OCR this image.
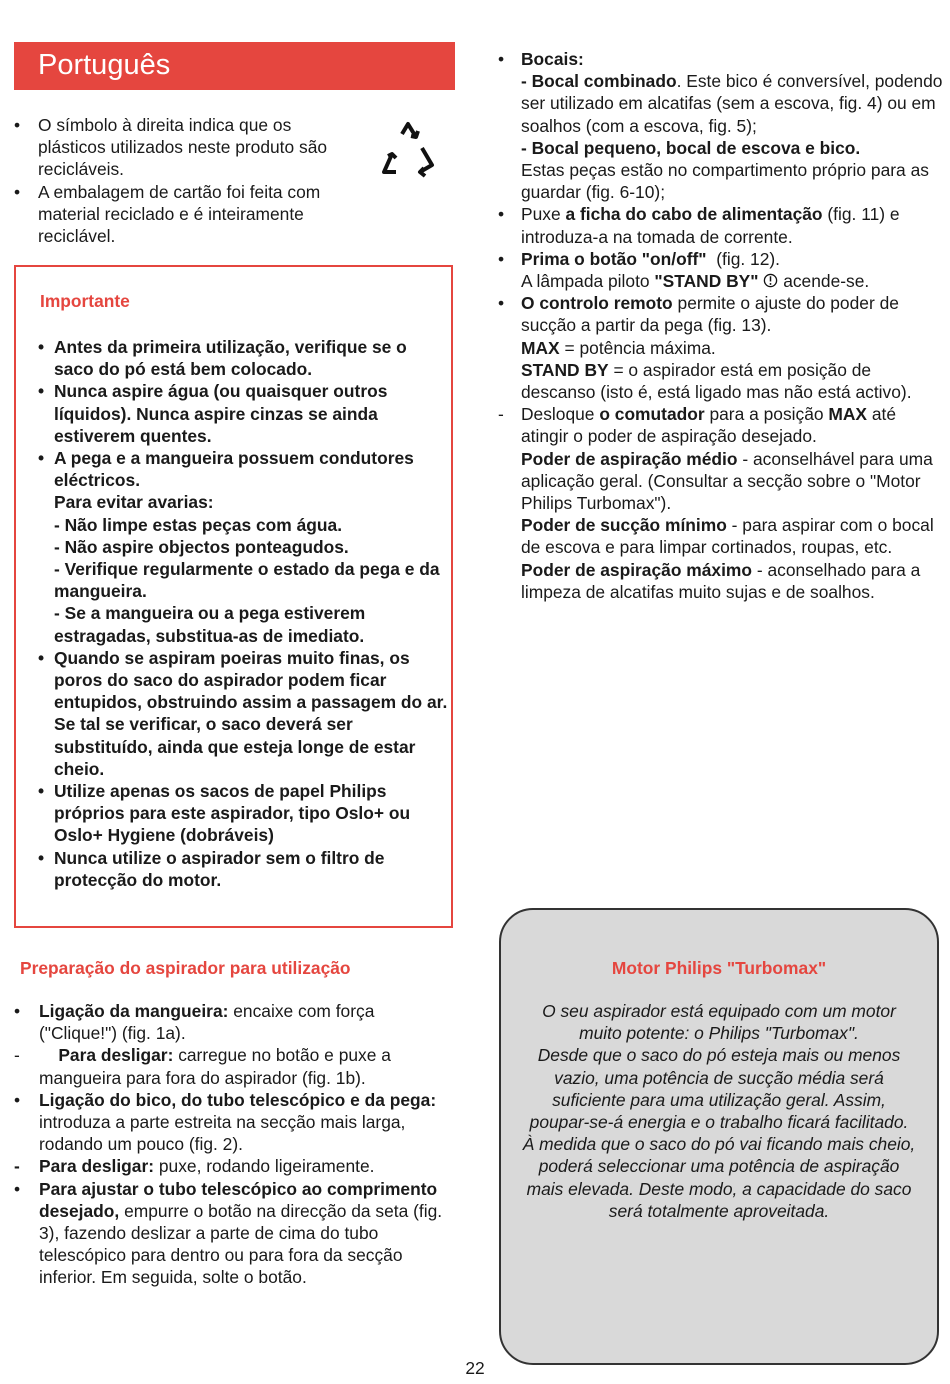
Português
• O símbolo à direita indica que os plásticos utilizados neste produto são recicláveis.
• A embalagem de cartão foi feita com material reciclado e é inteiramente reciclável.
Importante
• Antes da primeira utilização, verifique se o saco do pó está bem colocado.

• Nunca aspire água (ou quaisquer outros líquidos). Nunca aspire cinzas se ainda estiverem quentes.

• A pega e a mangueira possuem condutores eléctricos.

Para evitar avarias:

- Não limpe estas peças com água.

- Não aspire objectos ponteagudos.

- Verifique regularmente o estado da pega e da mangueira.

- Se a mangueira ou a pega estiverem estragadas, substitua-as de imediato.

• Quando se aspiram poeiras muito finas, os poros do saco do aspirador podem ficar entupidos, obstruindo assim a passagem do ar.

Se tal se verificar, o saco deverá ser substituído, ainda que esteja longe de estar cheio.

• Utilize apenas os sacos de papel Philips próprios para este aspirador, tipo Oslo+ ou Oslo+ Hygiene (dobráveis)

• Nunca utilize o aspirador sem o filtro de protecção do motor.

Preparação do aspirador para utilização
• Ligação da mangueira: encaixe com força ("Clique!") (fig. 1a).

-	Para desligar: carregue no botão e puxe a mangueira para fora do aspirador (fig. 1b).

• Ligação do bico, do tubo telescópico e da pega: introduza a parte estreita na secção mais larga, rodando um pouco (fig. 2).

- Para desligar: puxe, rodando ligeiramente.

• Para ajustar o tubo telescópico ao comprimento desejado, empurre o botão na direcção da seta (fig. 3), fazendo deslizar a parte de cima do tubo telescópico para dentro ou para fora da secção inferior. Em seguida, solte o botão.

• Bocais:

- Bocal combinado. Este bico é conversível, podendo ser utilizado em alcatifas (sem a escova, fig. 4) ou em soalhos (com a escova, fig. 5);

- Bocal pequeno, bocal de escova e bico.

Estas peças estão no compartimento próprio para as guardar (fig. 6-10);

• Puxe a ficha do cabo de alimentação (fig. 11) e introduza-a na tomada de corrente.

• Prima o botão "on/off"  (fig. 12).

A lâmpada piloto "STAND BY"  acende-se.

• O controlo remoto permite o ajuste do poder de sucção a partir da pega (fig. 13).

MAX = potência máxima.

STAND BY = o aspirador está em posição de descanso (isto é, está ligado mas não está activo).

- Desloque o comutador para a posição MAX até atingir o poder de aspiração desejado.

Poder de aspiração médio - aconselhável para uma aplicação geral. (Consultar a secção sobre o "Motor Philips Turbomax").

Poder de sucção mínimo - para aspirar com o bocal de escova e para limpar cortinados, roupas, etc.

Poder de aspiração máximo - aconselhado para a limpeza de alcatifas muito sujas e de soalhos.

Motor Philips "Turbomax"

O seu aspirador está equipado com um motor muito potente: o Philips "Turbomax".

Desde que o saco do pó esteja mais ou menos vazio, uma potência de sucção média será suficiente para uma utilização geral. Assim, poupar-se-á energia e o trabalho ficará facilitado.

À medida que o saco do pó vai ficando mais cheio, poderá seleccionar uma potência de aspiração mais elevada. Deste modo, a capacidade do saco será totalmente aproveitada.

22
